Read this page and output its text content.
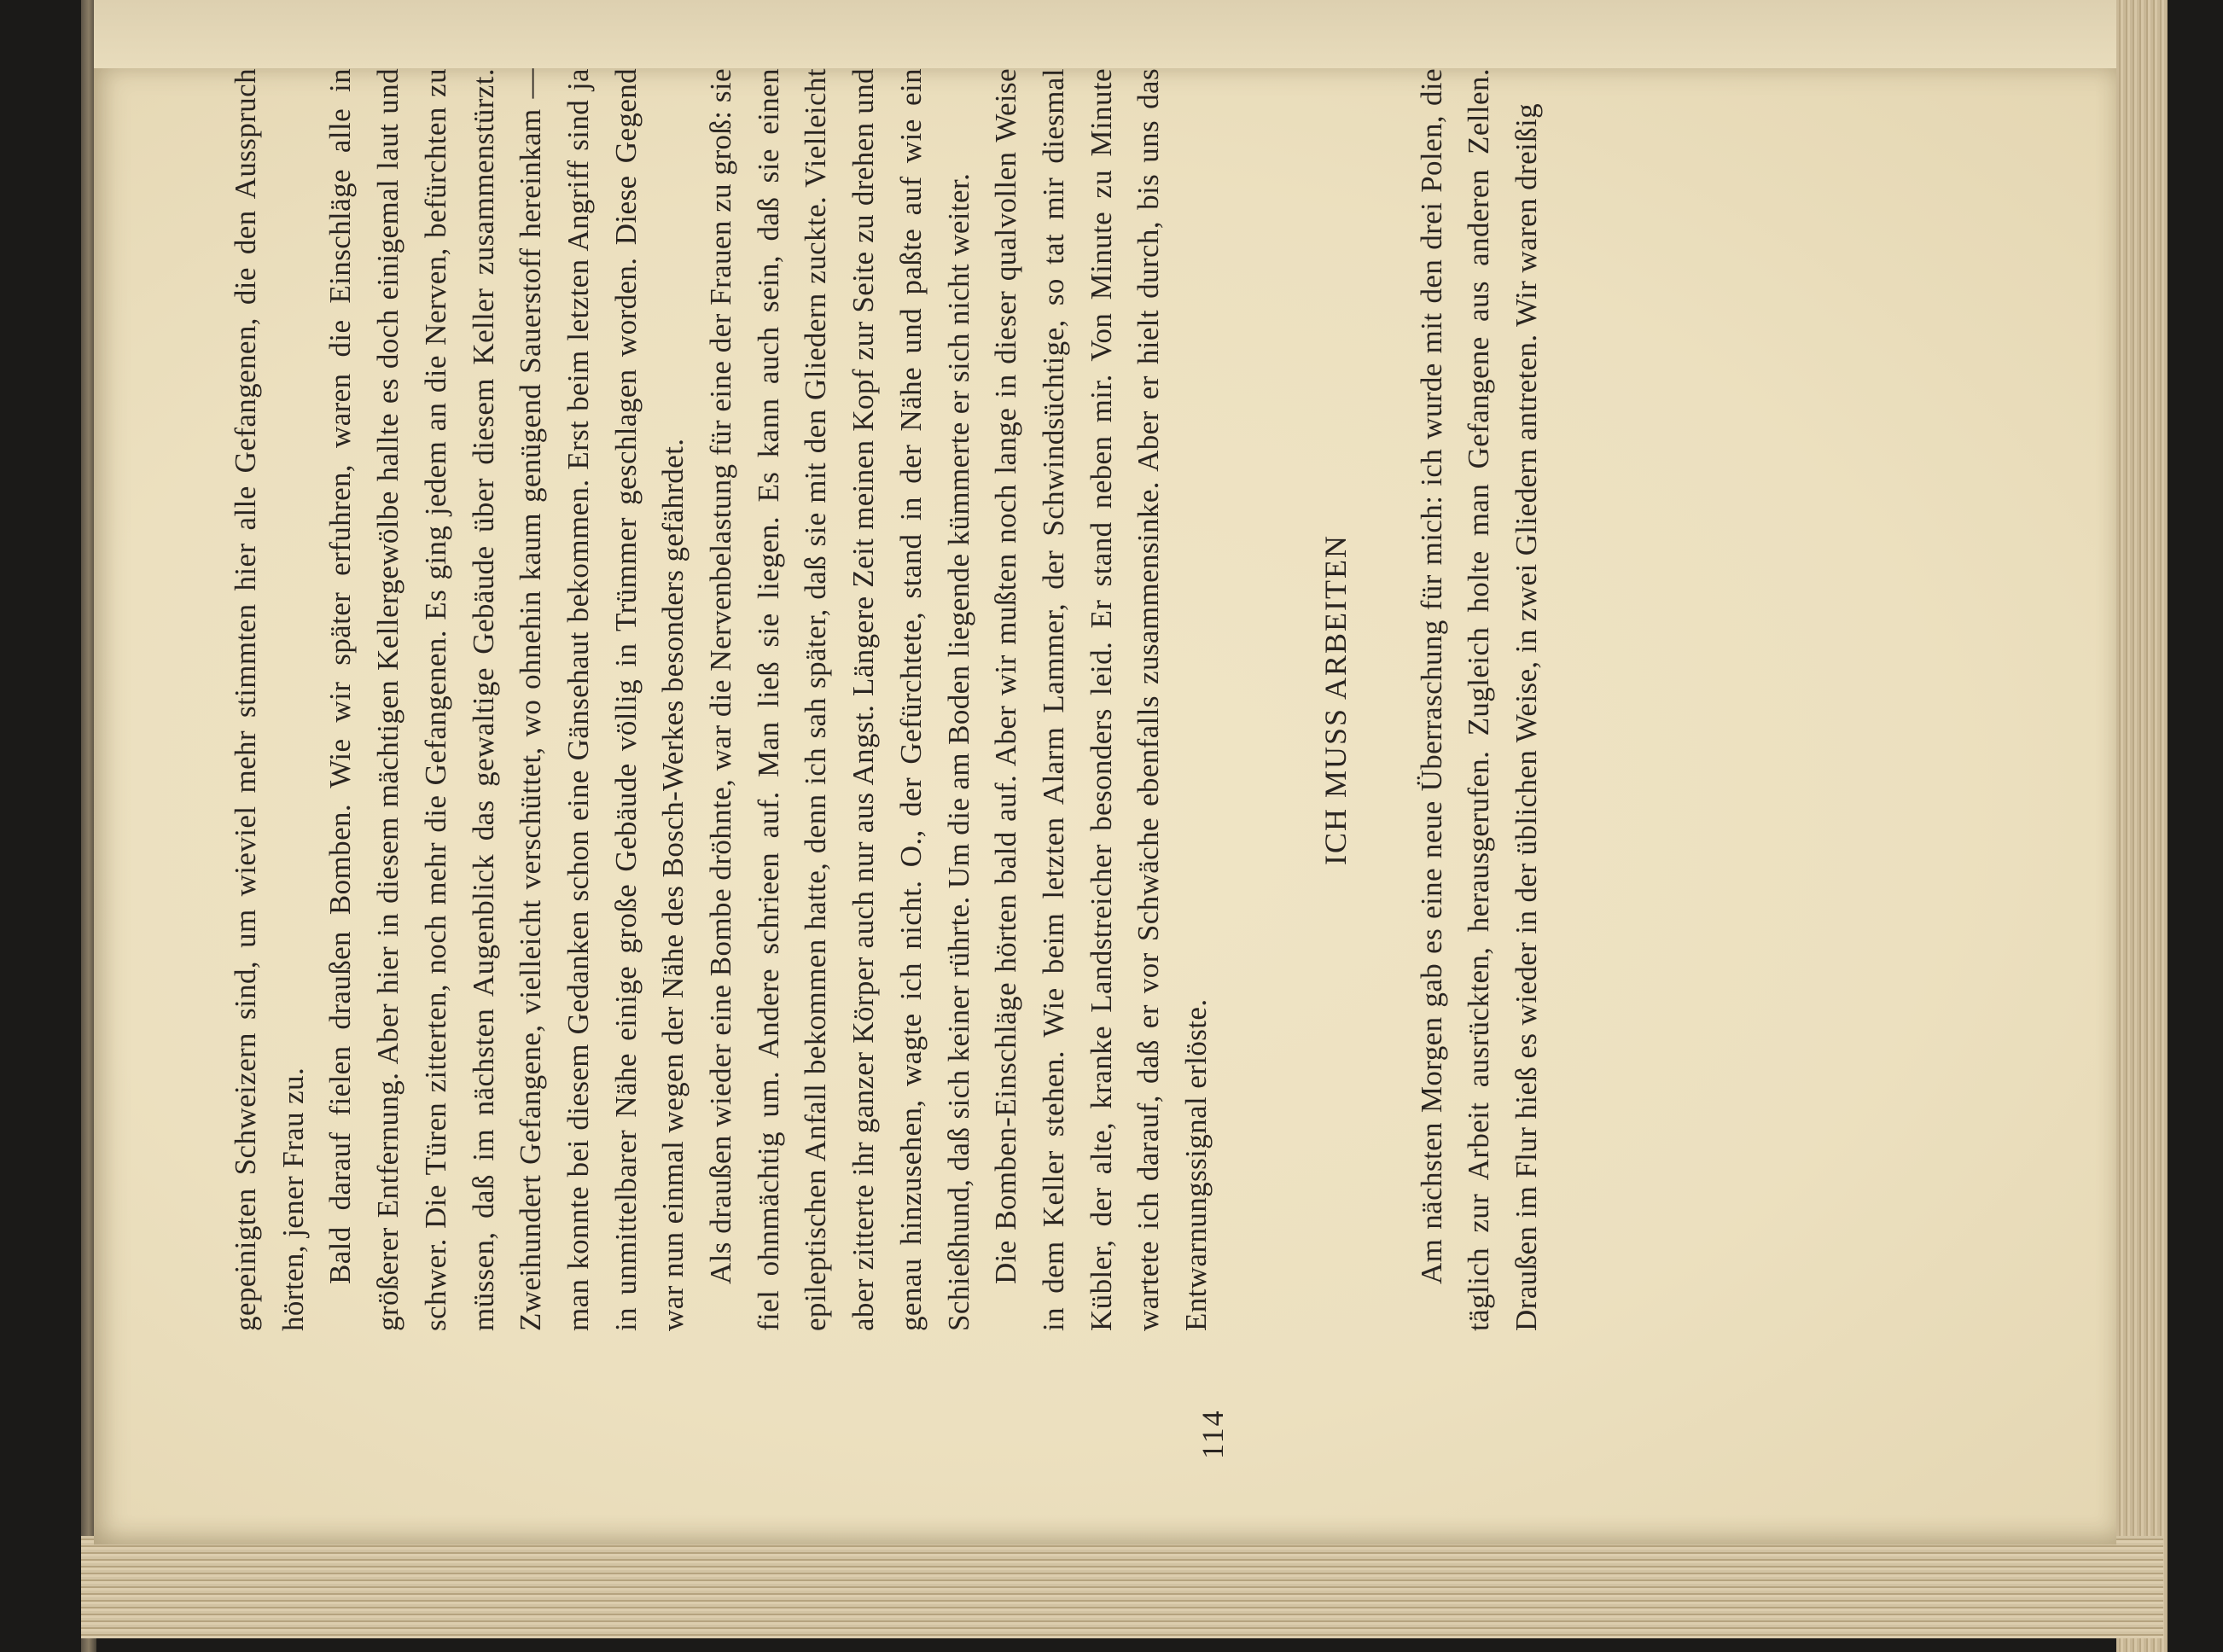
gepeinigten Schweizern sind, um wieviel mehr stimmten hier alle Gefangenen, die den Ausspruch hörten, jener Frau zu. Bald darauf fielen draußen Bomben. Wie wir später erfuhren, waren die Einschläge alle in größerer Entfernung. Aber hier in diesem mächtigen Kellergewölbe hallte es doch einigemal laut und schwer. Die Türen zitterten, noch mehr die Gefangenen. Es ging jedem an die Nerven, befürchten zu müssen, daß im nächsten Augenblick das gewaltige Gebäude über diesem Keller zusammenstürzt. Zweihundert Gefangene, vielleicht verschüttet, wo ohnehin kaum genügend Sauerstoff hereinkam — man konnte bei diesem Gedanken schon eine Gänsehaut bekommen. Erst beim letzten Angriff sind ja in unmittelbarer Nähe einige große Gebäude völlig in Trümmer geschlagen worden. Diese Gegend war nun einmal wegen der Nähe des Bosch-Werkes besonders gefährdet. Als draußen wieder eine Bombe dröhnte, war die Nervenbelastung für eine der Frauen zu groß: sie fiel ohnmächtig um. Andere schrieen auf. Man ließ sie liegen. Es kann auch sein, daß sie einen epileptischen Anfall bekommen hatte, denn ich sah später, daß sie mit den Gliedern zuckte. Vielleicht aber zitterte ihr ganzer Körper auch nur aus Angst. Längere Zeit meinen Kopf zur Seite zu drehen und genau hinzusehen, wagte ich nicht. O., der Gefürchtete, stand in der Nähe und paßte auf wie ein Schießhund, daß sich keiner rührte. Um die am Boden liegende kümmerte er sich nicht weiter. Die Bomben-Einschläge hörten bald auf. Aber wir mußten noch lange in dieser qualvollen Weise in dem Keller stehen. Wie beim letzten Alarm Lammer, der Schwindsüchtige, so tat mir diesmal Kübler, der alte, kranke Landstreicher besonders leid. Er stand neben mir. Von Minute zu Minute wartete ich darauf, daß er vor Schwäche ebenfalls zusammensinke. Aber er hielt durch, bis uns das Entwarnungssignal erlöste.

ICH MUSS ARBEITEN	Am nächsten Morgen gab es eine neue Überraschung für mich: ich wurde mit den drei Polen, die täglich zur Arbeit ausrückten, herausgerufen. Zugleich holte man Gefangene aus anderen Zellen. Draußen im Flur hieß es wieder in der üblichen Weise, in zwei Gliedern antreten. Wir waren dreißig

114
